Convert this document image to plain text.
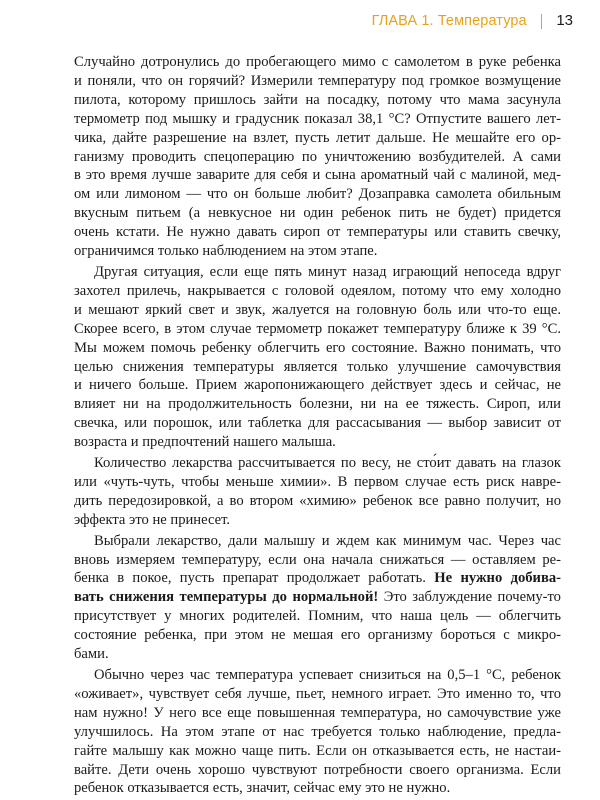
ГЛАВА 1. Температура 13
Случайно дотронулись до пробегающего мимо с самолетом в руке ребенка
и поняли, что он горячий? Измерили температуру под громкое возмущение
пилота, которому пришлось зайти на посадку, потому что мама засунула
термометр под мышку и градусник показал 38,1 °С? Отпустите вашего лет-
чика, дайте разрешение на взлет, пусть летит дальше. Не мешайте его ор-
ганизму проводить спецоперацию по уничтожению возбудителей. А сами
в это время лучше заварите для себя и сына ароматный чай с малиной, мед-
ом или лимоном — что он больше любит? Дозаправка самолета обильным
вкусным питьем (а невкусное ни один ребенок пить не будет) придется
очень кстати. Не нужно давать сироп от температуры или ставить свечку,
ограничимся только наблюдением на этом этапе.
Другая ситуация, если еще пять минут назад играющий непоседа вдруг
захотел прилечь, накрывается с головой одеялом, потому что ему холодно
и мешают яркий свет и звук, жалуется на головную боль или что-то еще.
Скорее всего, в этом случае термометр покажет температуру ближе к 39 °С.
Мы можем помочь ребенку облегчить его состояние. Важно понимать, что
целью снижения температуры является только улучшение самочувствия
и ничего больше. Прием жаропонижающего действует здесь и сейчас, не
влияет ни на продолжительность болезни, ни на ее тяжесть. Сироп, или
свечка, или порошок, или таблетка для рассасывания — выбор зависит от
возраста и предпочтений нашего малыша.
Количество лекарства рассчитывается по весу, не сто́ит давать на глазок
или «чуть-чуть, чтобы меньше химии». В первом случае есть риск навре-
дить передозировкой, а во втором «химию» ребенок все равно получит, но
эффекта это не принесет.
Выбрали лекарство, дали малышу и ждем как минимум час. Через час
вновь измеряем температуру, если она начала снижаться — оставляем ре-
бенка в покое, пусть препарат продолжает работать. Не нужно добива-
вать снижения температуры до нормальной! Это заблуждение почему-то
присутствует у многих родителей. Помним, что наша цель — облегчить
состояние ребенка, при этом не мешая его организму бороться с микро-
бами.
Обычно через час температура успевает снизиться на 0,5–1 °С, ребенок
«оживает», чувствует себя лучше, пьет, немного играет. Это именно то, что
нам нужно! У него все еще повышенная температура, но самочувствие уже
улучшилось. На этом этапе от нас требуется только наблюдение, предла-
гайте малышу как можно чаще пить. Если он отказывается есть, не настаи-
вайте. Дети очень хорошо чувствуют потребности своего организма. Если
ребенок отказывается есть, значит, сейчас ему это не нужно.
